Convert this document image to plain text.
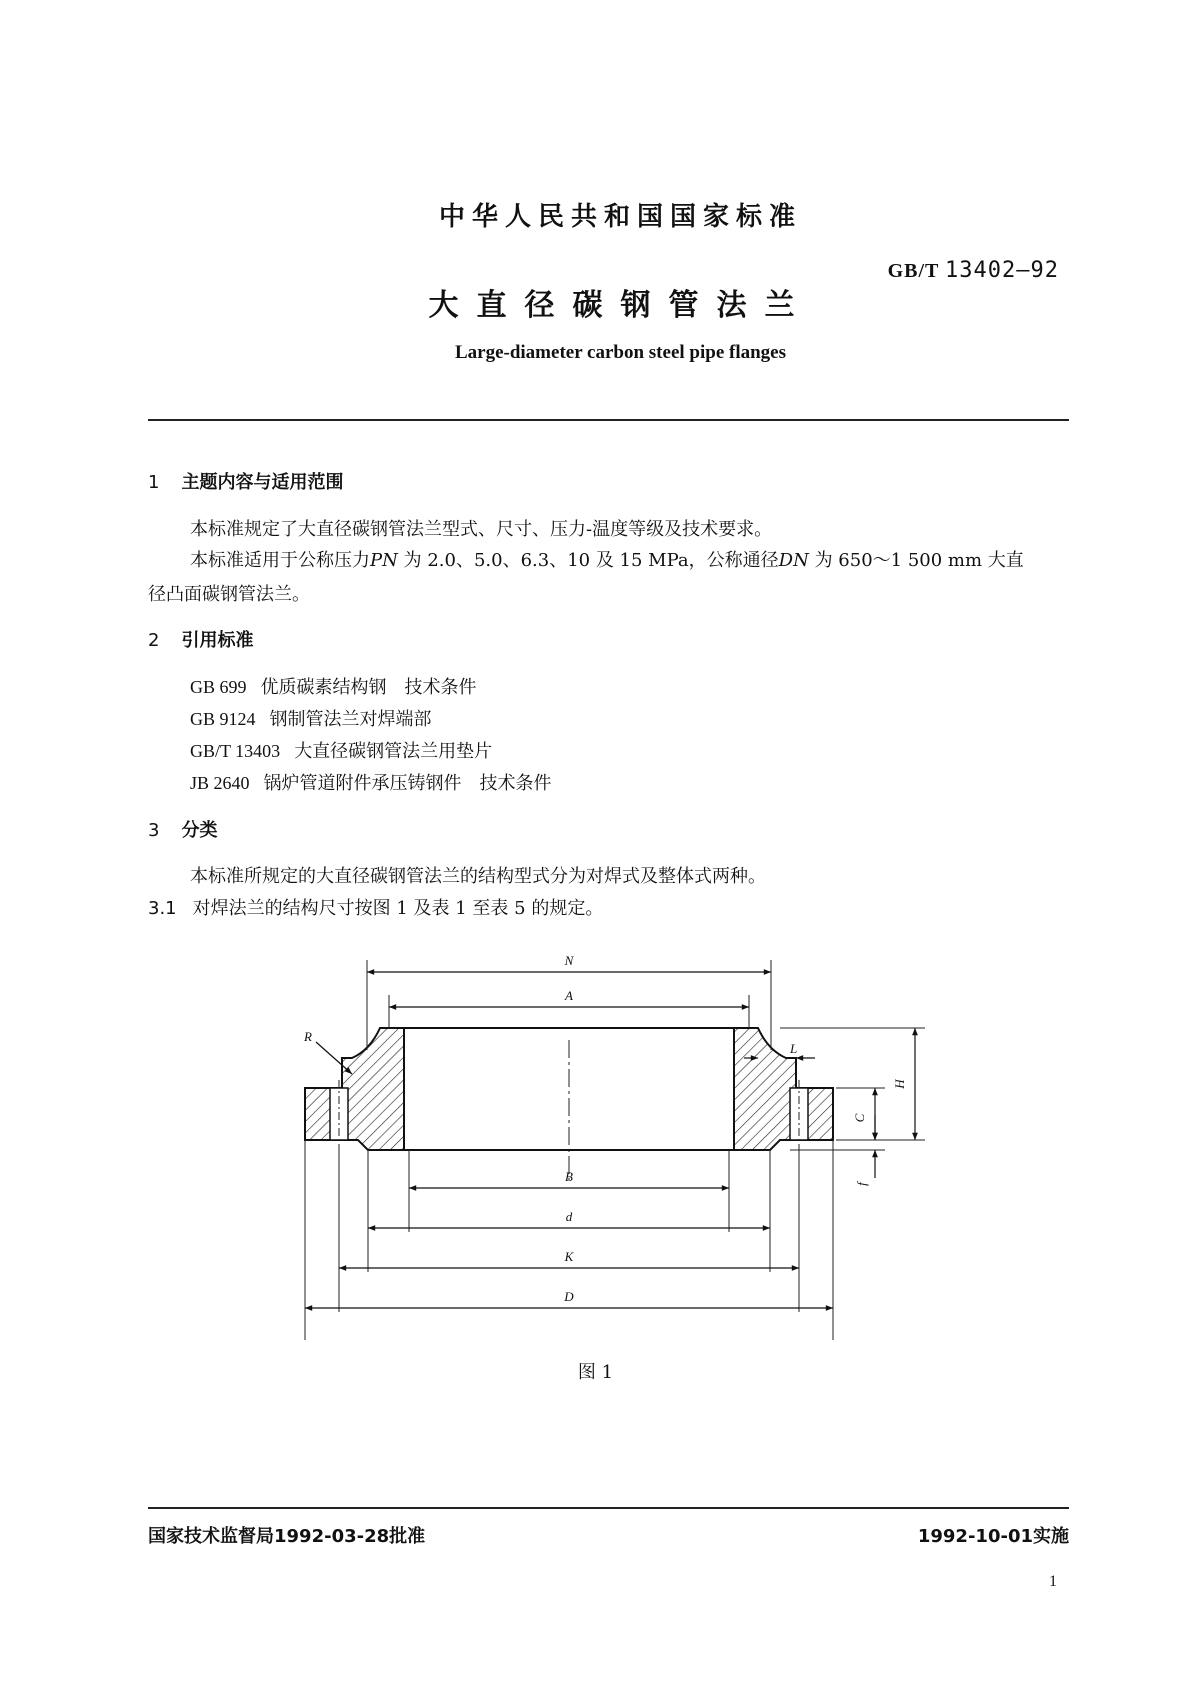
中华人民共和国国家标准
GB/T 13402—92
大直径碳钢管法兰
Large-diameter carbon steel pipe flanges
1 主题内容与适用范围
本标准规定了大直径碳钢管法兰型式、尺寸、压力-温度等级及技术要求。
本标准适用于公称压力PN 为 2.0、5.0、6.3、10 及 15 MPa，公称通径DN 为 650～1 500 mm 大直
径凸面碳钢管法兰。
2 引用标准
GB 699 优质碳素结构钢　技术条件
GB 9124 钢制管法兰对焊端部
GB/T 13403 大直径碳钢管法兰用垫片
JB 2640 锅炉管道附件承压铸钢件　技术条件
3 分类
本标准所规定的大直径碳钢管法兰的结构型式分为对焊式及整体式两种。
3.1 对焊法兰的结构尺寸按图 1 及表 1 至表 5 的规定。
N
A
R
L
C
H
f
B
d
K
D
图 1
国家技术监督局1992-03-28批准	1992-10-01实施
1
